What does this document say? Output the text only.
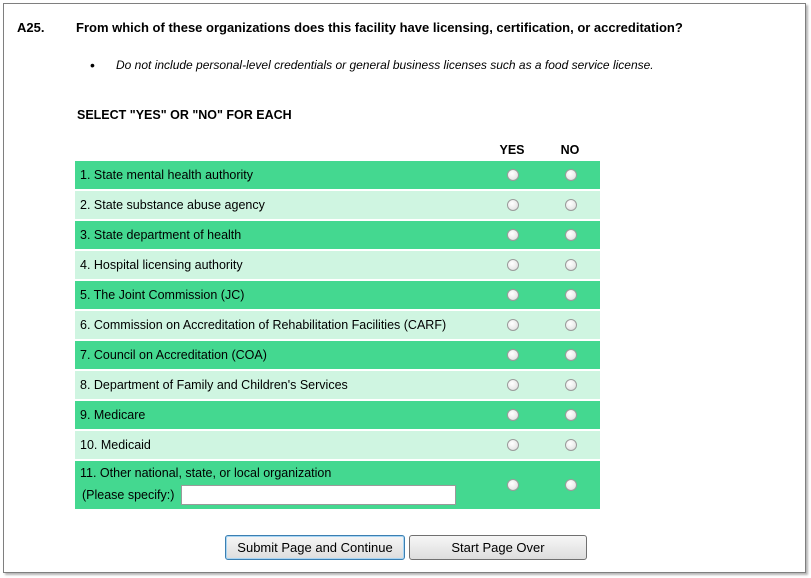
A25. From which of these organizations does this facility have licensing, certification, or accreditation?
•	Do not include personal-level credentials or general business licenses such as a food service license.
SELECT "YES" OR "NO" FOR EACH
YES	NO
1. State mental health authority
2. State substance abuse agency
3. State department of health
4. Hospital licensing authority
5. The Joint Commission (JC)
6. Commission on Accreditation of Rehabilitation Facilities (CARF)
7. Council on Accreditation (COA)
8. Department of Family and Children's Services
9. Medicare
10. Medicaid
11. Other national, state, or local organization
(Please specify:)
Submit Page and Continue	Start Page Over
